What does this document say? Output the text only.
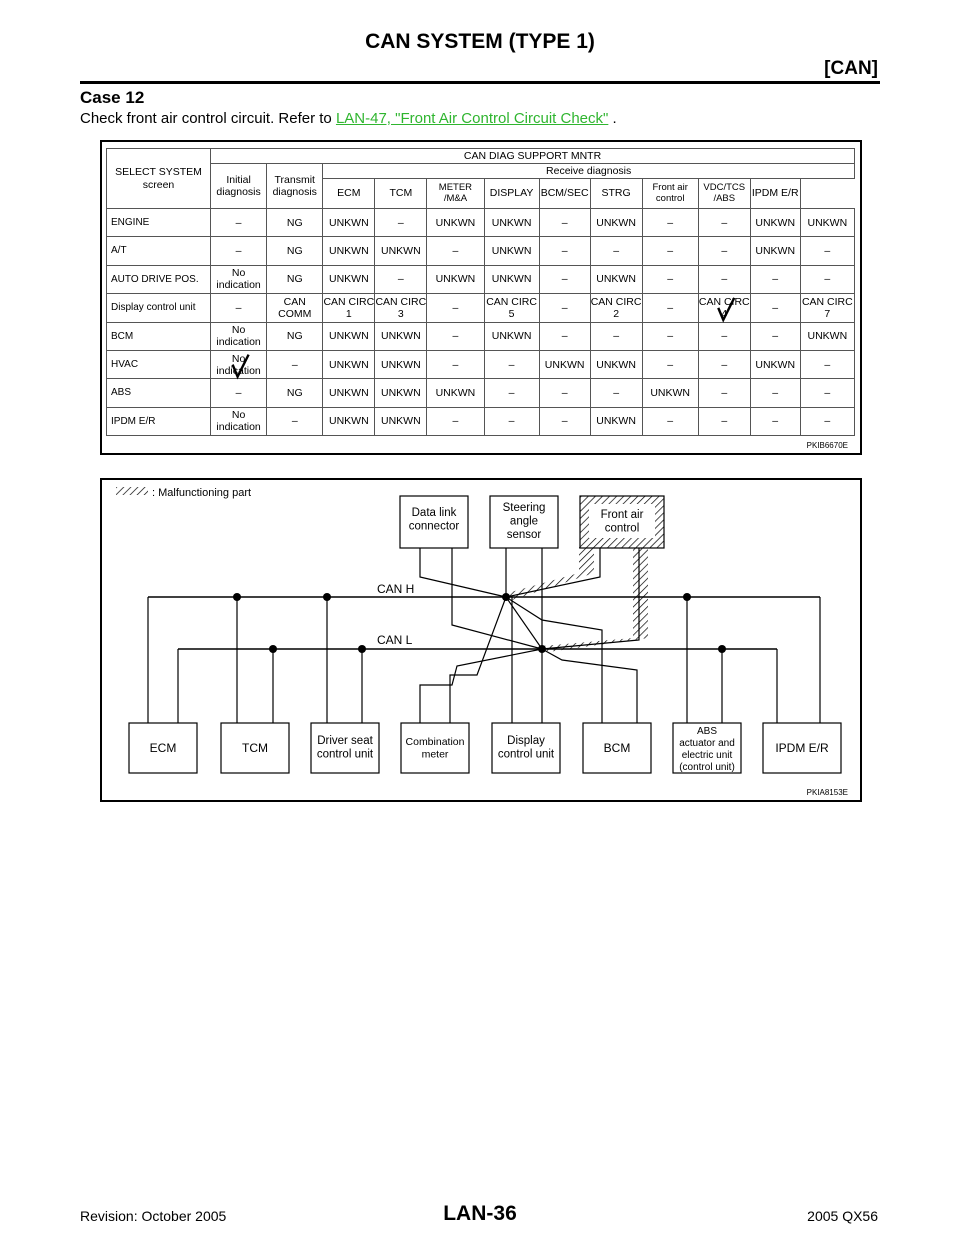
CAN SYSTEM (TYPE 1)
[CAN]
Case 12
Check front air control circuit. Refer to LAN-47, "Front Air Control Circuit Check" .
SELECT SYSTEM screen	CAN DIAG SUPPORT MNTR											
	Initial diagnosis	Transmit diagnosis	Receive diagnosis									
			ECM	TCM	METER /M&A	DISPLAY	BCM/SEC	STRG	Front air control	VDC/TCS /ABS	IPDM E/R	
ENGINE	–	NG	UNKWN	–	UNKWN	UNKWN	–	UNKWN	–	–	UNKWN	UNKWN
A/T	–	NG	UNKWN	UNKWN	–	UNKWN	–	–	–	–	UNKWN	–
AUTO DRIVE POS.	No indication	NG	UNKWN	–	UNKWN	UNKWN	–	UNKWN	–	–	–	–
Display control unit	–	CAN COMM	CAN CIRC 1	CAN CIRC 3	–	CAN CIRC 5	–	CAN CIRC 2	–	CAN CIRC 4	–	CAN CIRC 7
BCM	No indication	NG	UNKWN	UNKWN	–	UNKWN	–	–	–	–	–	UNKWN
HVAC	No indication	–	UNKWN	UNKWN	–	–	UNKWN	UNKWN	–	–	UNKWN	–
ABS	–	NG	UNKWN	UNKWN	UNKWN	–	–	–	UNKWN	–	–	–
IPDM E/R	No indication	–	UNKWN	UNKWN	–	–	–	UNKWN	–	–	–	–
PKIB6670E
: Malfunctioning part
CAN H
CAN L
Data link connector
Steering angle sensor
Front air control
ECM	TCM	Driver seat control unit
Combination meter
Display control unit	BCM
ABS actuator and electric unit (control unit)
IPDM E/R
PKIA8153E
Revision: October 2005	LAN-36	2005 QX56
